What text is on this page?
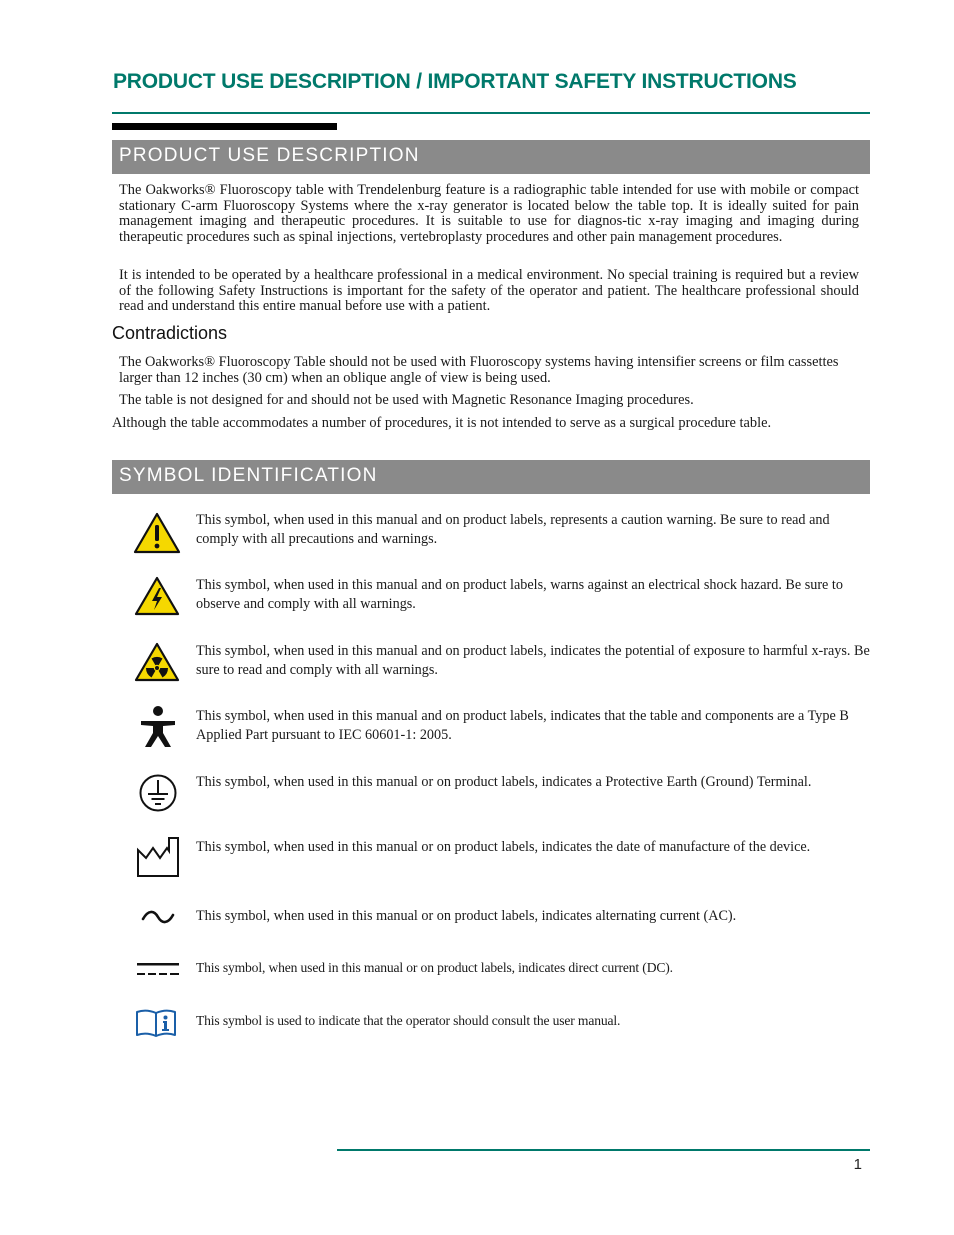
PRODUCT USE DESCRIPTION / IMPORTANT SAFETY INSTRUCTIONS
PRODUCT USE DESCRIPTION

The Oakworks® Fluoroscopy table with Trendelenburg feature is a radiographic table intended for use with mobile or compact stationary C-arm Fluoroscopy Systems where the x-ray generator is located below the table top. It is ideally suited for pain management imaging and therapeutic procedures. It is suitable to use for diagnos-tic x-ray imaging and imaging during therapeutic procedures such as spinal injections, vertebroplasty procedures and other pain management procedures.

It is intended to be operated by a healthcare professional in a medical environment. No special training is required but a review of the following Safety Instructions is important for the safety of the operator and patient. The healthcare professional should read and understand this entire manual before use with a patient.

Contradictions

The Oakworks® Fluoroscopy Table should not be used with Fluoroscopy systems having intensifier screens or film cassettes larger than 12 inches (30 cm) when an oblique angle of view is being used.

The table is not designed for and should not be used with Magnetic Resonance Imaging procedures.

Although the table accommodates a number of procedures, it is not intended to serve as a surgical procedure table.

SYMBOL IDENTIFICATION
This symbol, when used in this manual and on product labels, represents a caution warning. Be sure to read and comply with all precautions and warnings.
This symbol, when used in this manual and on product labels, warns against an electrical shock hazard. Be sure to observe and comply with all warnings.
This symbol, when used in this manual and on product labels, indicates the potential of exposure to harmful x-rays. Be sure to read and comply with all warnings.
This symbol, when used in this manual and on product labels, indicates that the table and components are a Type B Applied Part pursuant to IEC 60601-1: 2005.
This symbol, when used in this manual or on product labels, indicates a Protective Earth (Ground) Terminal.
This symbol, when used in this manual or on product labels, indicates the date of manufacture of the device.
This symbol, when used in this manual or on product labels, indicates alternating current (AC).
This symbol, when used in this manual or on product labels, indicates direct current (DC).
This symbol is used to indicate that the operator should consult the user manual.
1
